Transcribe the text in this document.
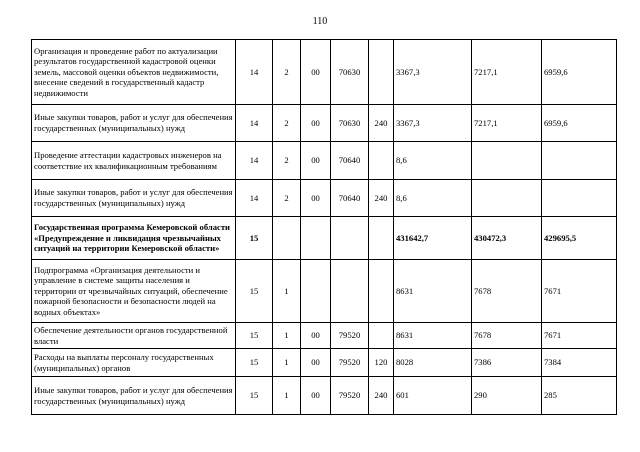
110
Организация и проведение работ по актуализации результатов государственной кадастровой оценки земель, массовой оценки объектов недвижимости, внесение сведений в государственный кадастр недвижимости	14	2	00	70630		3367,3	7217,1	6959,6
Иные закупки товаров, работ и услуг для обеспечения государственных (муниципальных) нужд	14	2	00	70630	240	3367,3	7217,1	6959,6
Проведение аттестации кадастровых инженеров на соответствие их квалификационным требованиям	14	2	00	70640		8,6		
Иные закупки товаров, работ и услуг для обеспечения государственных (муниципальных) нужд	14	2	00	70640	240	8,6		
Государственная программа Кемеровской области «Предупреждение и ликвидация чрезвычайных ситуаций на территории Кемеровской области»	15					431642,7	430472,3	429695,5
Подпрограмма «Организация деятельности и управление в системе защиты населения и территории от чрезвычайных ситуаций, обеспечение пожарной безопасности и безопасности людей на водных объектах»	15	1				8631	7678	7671
Обеспечение деятельности органов государственной власти	15	1	00	79520		8631	7678	7671
Расходы на выплаты персоналу государственных (муниципальных) органов	15	1	00	79520	120	8028	7386	7384
Иные закупки товаров, работ и услуг для обеспечения государственных (муниципальных) нужд	15	1	00	79520	240	601	290	285
